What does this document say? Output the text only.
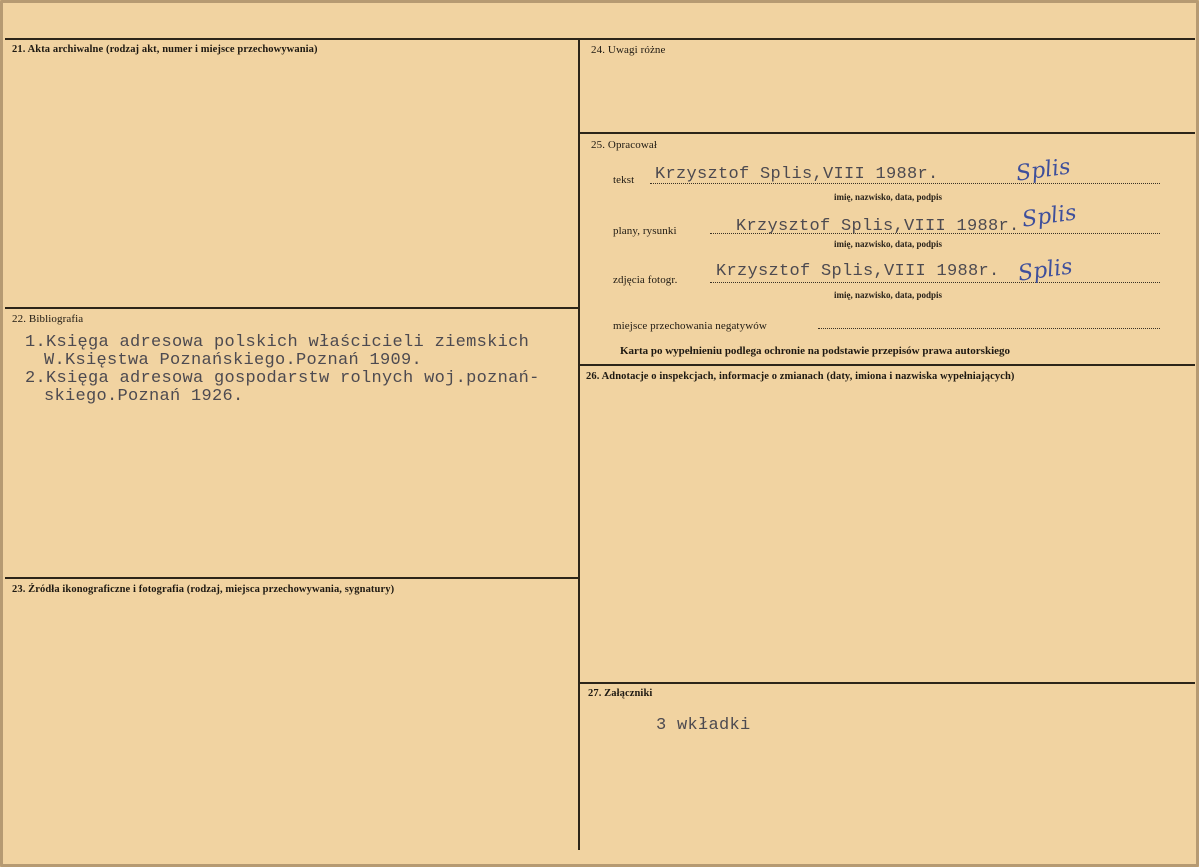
21. Akta archiwalne (rodzaj akt, numer i miejsce przechowywania)
22. Bibliografia
1.Księga adresowa polskich właścicieli ziemskich
W.Księstwa Poznańskiego.Poznań 1909.
2.Księga adresowa gospodarstw rolnych woj.poznań-
skiego.Poznań 1926.
23. Źródła ikonograficzne i fotografia (rodzaj, miejsca przechowywania, sygnatury)
24. Uwagi różne
25. Opracował
tekst Krzysztof Splis,VIII 1988r.
imię, nazwisko, data, podpis
Splis
plany, rysunki	Krzysztof Splis,VIII 1988r.
imię, nazwisko, data, podpis
Splis
zdjęcia fotogr. Krzysztof Splis,VIII 1988r.
imię, nazwisko, data, podpis
Splis
miejsce przechowania negatywów
Karta po wypełnieniu podlega ochronie na podstawie przepisów prawa autorskiego
26. Adnotacje o inspekcjach, informacje o zmianach (daty, imiona i nazwiska wypełniających)
27. Załączniki
3 wkładki
